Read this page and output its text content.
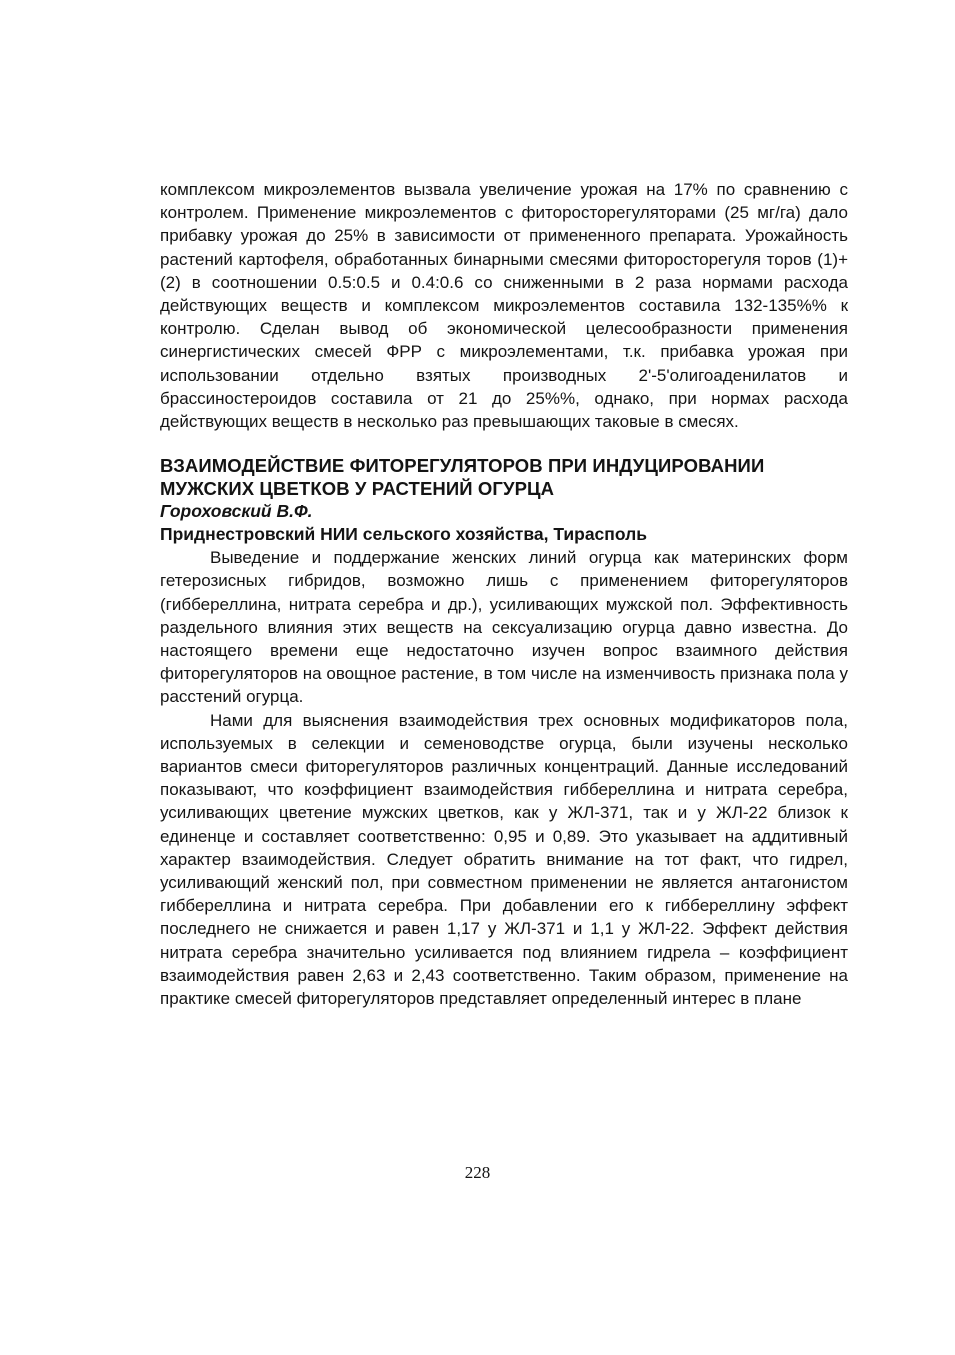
комплексом микроэлементов вызвала увеличение урожая на 17% по сравнению с контролем. Применение микроэлементов с фиторосторегуляторами (25 мг/га) дало прибавку урожая до 25% в зависимости от примененного препарата. Урожайность растений картофеля, обработанных бинарными смесями фиторосторегуля торов (1)+(2) в соотношении 0.5:0.5 и 0.4:0.6 со сниженными в 2 раза нормами расхода действующих веществ и комплексом микроэлементов составила 132-135%% к контролю. Сделан вывод об экономической целесообразности применения синергистических смесей ФРР с микроэлементами, т.к. прибавка урожая при использовании отдельно взятых производных 2'-5'олигоаденилатов и брассиностероидов составила от 21 до 25%%, однако, при нормах расхода действующих веществ в несколько раз превышающих таковые в смесях.

ВЗАИМОДЕЙСТВИЕ ФИТОРЕГУЛЯТОРОВ ПРИ ИНДУЦИРОВАНИИ МУЖСКИХ ЦВЕТКОВ У РАСТЕНИЙ ОГУРЦА

Гороховский В.Ф.

Приднестровский НИИ сельского хозяйства, Тирасполь

Выведение и поддержание женских линий огурца как материнских форм гетерозисных гибридов, возможно лишь с применением фиторегуляторов (гиббереллина, нитрата серебра и др.), усиливающих мужской пол. Эффективность раздельного влияния этих веществ на сексуализацию огурца давно известна. До настоящего времени еще недостаточно изучен вопрос взаимного действия фиторегуляторов на овощное растение, в том числе на изменчивость признака пола у расстений огурца.

Нами для выяснения взаимодействия трех основных модификаторов пола, используемых в селекции и семеноводстве огурца, были изучены несколько вариантов смеси фиторегуляторов различных концентраций. Данные исследований показывают, что коэффициент взаимодействия гиббереллина и нитрата серебра, усиливающих цветение мужских цветков, как у ЖЛ-371, так и у ЖЛ-22 близок к единенце и составляет соответственно: 0,95 и 0,89. Это указывает на аддитивный характер взаимодействия. Следует обратить внимание на тот факт, что гидрел, усиливающий женский пол, при совместном применении не является антагонистом гиббереллина и нитрата серебра. При добавлении его к гиббереллину эффект последнего не снижается и равен 1,17 у ЖЛ-371 и 1,1 у ЖЛ-22. Эффект действия нитрата серебра значительно усиливается под влиянием гидрела – коэффициент взаимодействия равен 2,63 и 2,43 соответственно. Таким образом, применение на практике смесей фиторегуляторов представляет определенный интерес в плане

228
